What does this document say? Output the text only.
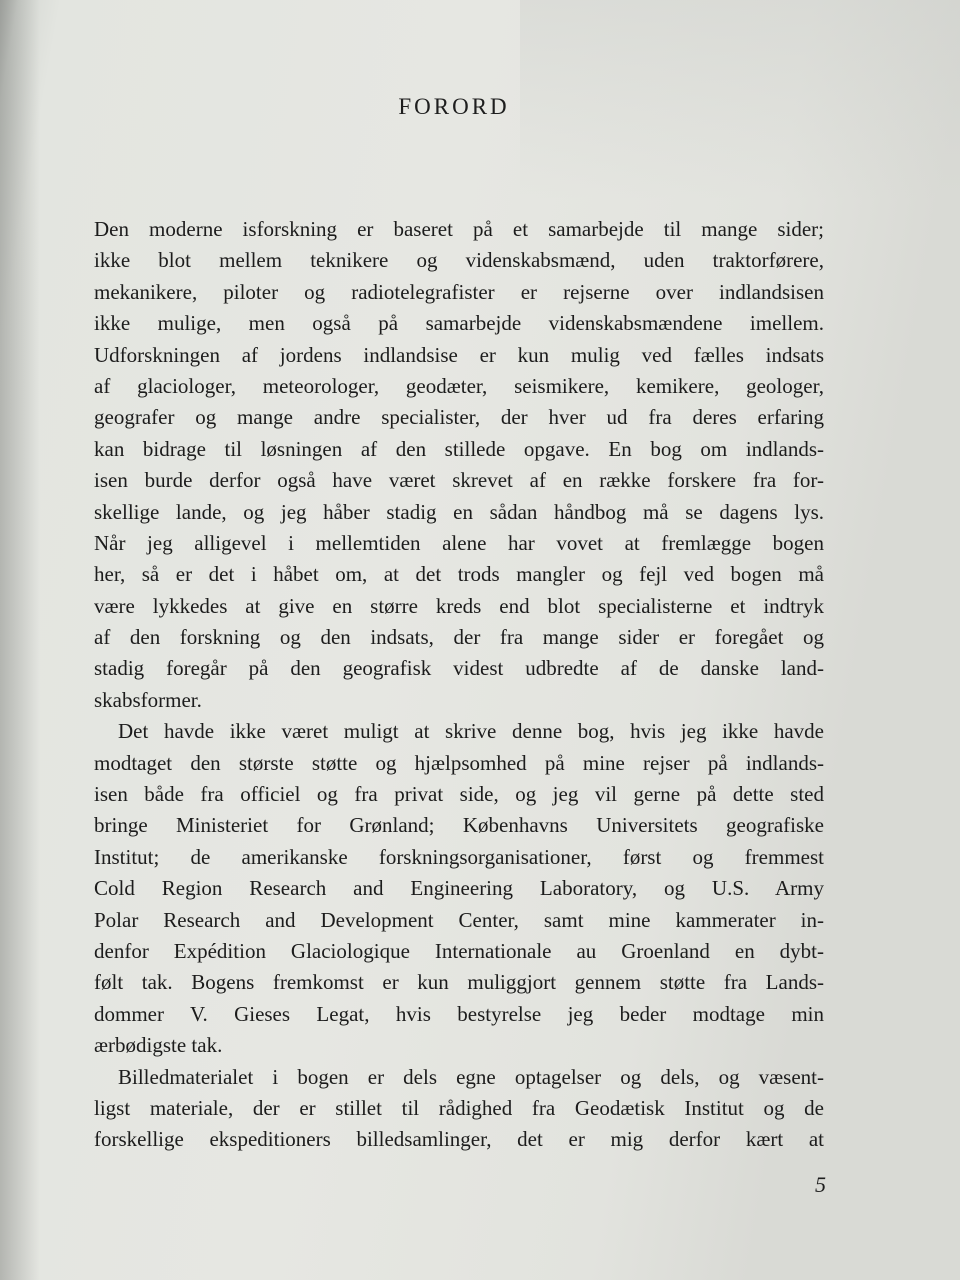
FORORD
Den moderne isforskning er baseret på et samarbejde til mange sider;
ikke blot mellem teknikere og videnskabsmænd, uden traktorførere,
mekanikere, piloter og radiotelegrafister er rejserne over indlandsisen
ikke mulige, men også på samarbejde videnskabsmændene imellem.
Udforskningen af jordens indlandsise er kun mulig ved fælles indsats
af glaciologer, meteorologer, geodæter, seismikere, kemikere, geologer,
geografer og mange andre specialister, der hver ud fra deres erfaring
kan bidrage til løsningen af den stillede opgave. En bog om indlands-
isen burde derfor også have været skrevet af en række forskere fra for-
skellige lande, og jeg håber stadig en sådan håndbog må se dagens lys.
Når jeg alligevel i mellemtiden alene har vovet at fremlægge bogen
her, så er det i håbet om, at det trods mangler og fejl ved bogen må
være lykkedes at give en større kreds end blot specialisterne et indtryk
af den forskning og den indsats, der fra mange sider er foregået og
stadig foregår på den geografisk videst udbredte af de danske land-
skabsformer.
Det havde ikke været muligt at skrive denne bog, hvis jeg ikke havde
modtaget den største støtte og hjælpsomhed på mine rejser på indlands-
isen både fra officiel og fra privat side, og jeg vil gerne på dette sted
bringe Ministeriet for Grønland; Københavns Universitets geografiske
Institut; de amerikanske forskningsorganisationer, først og fremmest
Cold Region Research and Engineering Laboratory, og U.S. Army
Polar Research and Development Center, samt mine kammerater in-
denfor Expédition Glaciologique Internationale au Groenland en dybt-
følt tak. Bogens fremkomst er kun muliggjort gennem støtte fra Lands-
dommer V. Gieses Legat, hvis bestyrelse jeg beder modtage min
ærbødigste tak.
Billedmaterialet i bogen er dels egne optagelser og dels, og væsent-
ligst materiale, der er stillet til rådighed fra Geodætisk Institut og de
forskellige ekspeditioners billedsamlinger, det er mig derfor kært at
5
